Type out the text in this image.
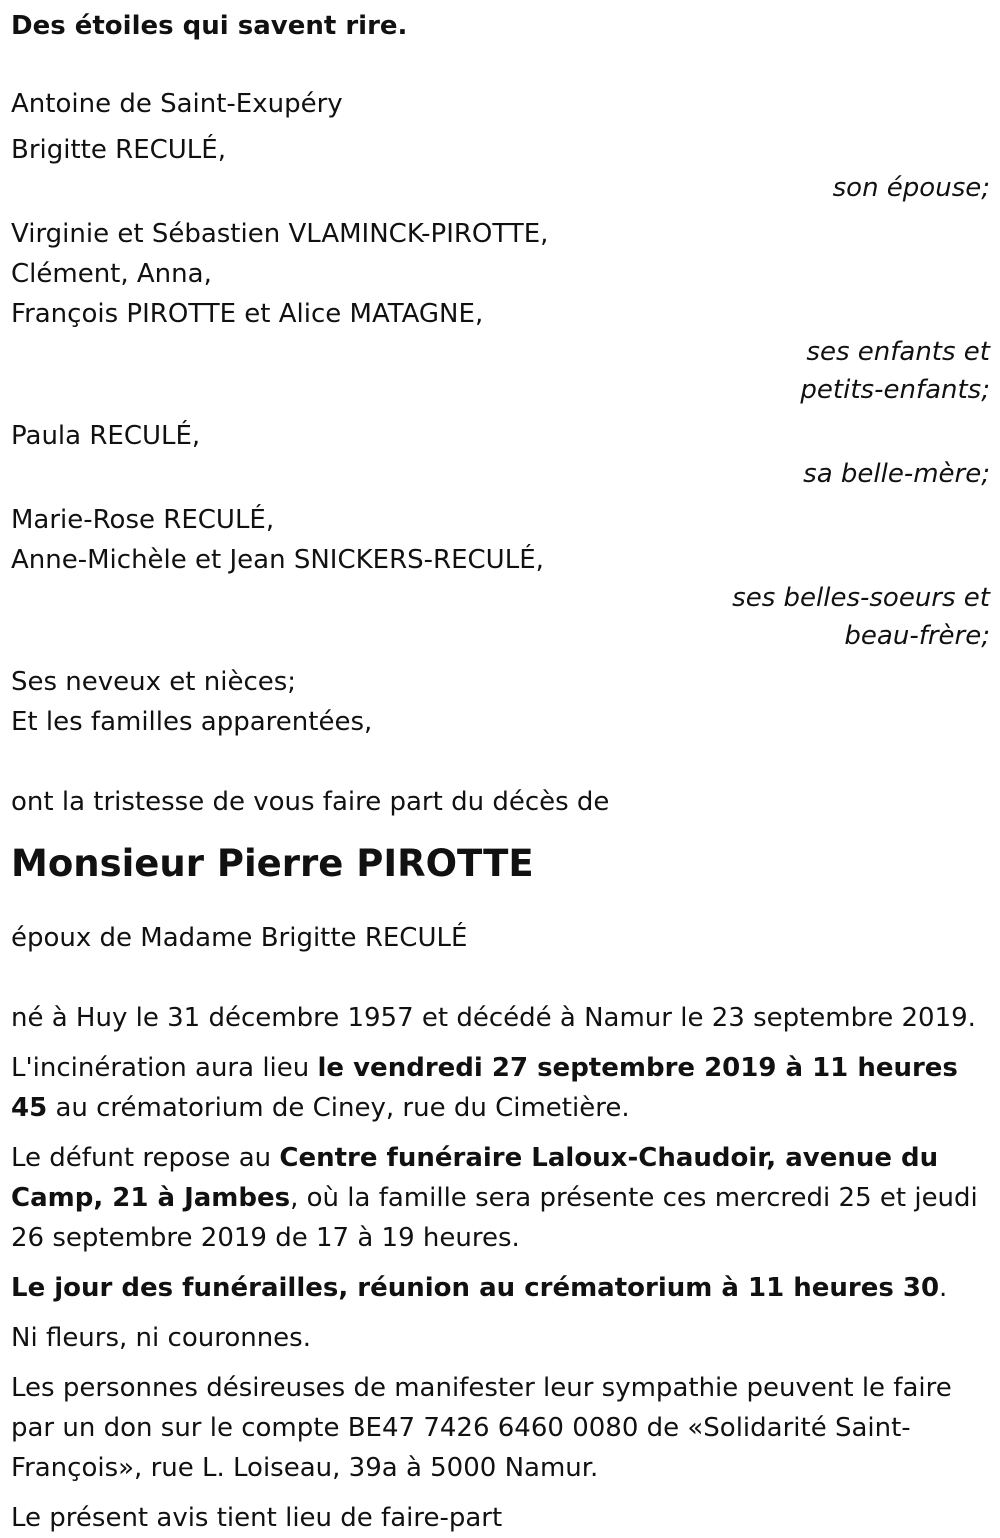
Des étoiles qui savent rire.
Antoine de Saint-Exupéry
Brigitte RECULÉ,
son épouse;
Virginie et Sébastien VLAMINCK-PIROTTE,
Clément, Anna,
François PIROTTE et Alice MATAGNE,
ses enfants et
petits-enfants;
Paula RECULÉ,
sa belle-mère;
Marie-Rose RECULÉ,
Anne-Michèle et Jean SNICKERS-RECULÉ,
ses belles-soeurs et
beau-frère;
Ses neveux et nièces;
Et les familles apparentées,
ont la tristesse de vous faire part du décès de
Monsieur Pierre PIROTTE
époux de Madame Brigitte RECULÉ
né à Huy le 31 décembre 1957 et décédé à Namur le 23 septembre 2019.
L'incinération aura lieu le vendredi 27 septembre 2019 à 11 heures 45 au crématorium de Ciney, rue du Cimetière.
Le défunt repose au Centre funéraire Laloux-Chaudoir, avenue du Camp, 21 à Jambes, où la famille sera présente ces mercredi 25 et jeudi 26 septembre 2019 de 17 à 19 heures.
Le jour des funérailles, réunion au crématorium à 11 heures 30.
Ni fleurs, ni couronnes.
Les personnes désireuses de manifester leur sympathie peuvent le faire par un don sur le compte BE47 7426 6460 0080 de «Solidarité Saint-François», rue L. Loiseau, 39a à 5000 Namur.
Le présent avis tient lieu de faire-part
